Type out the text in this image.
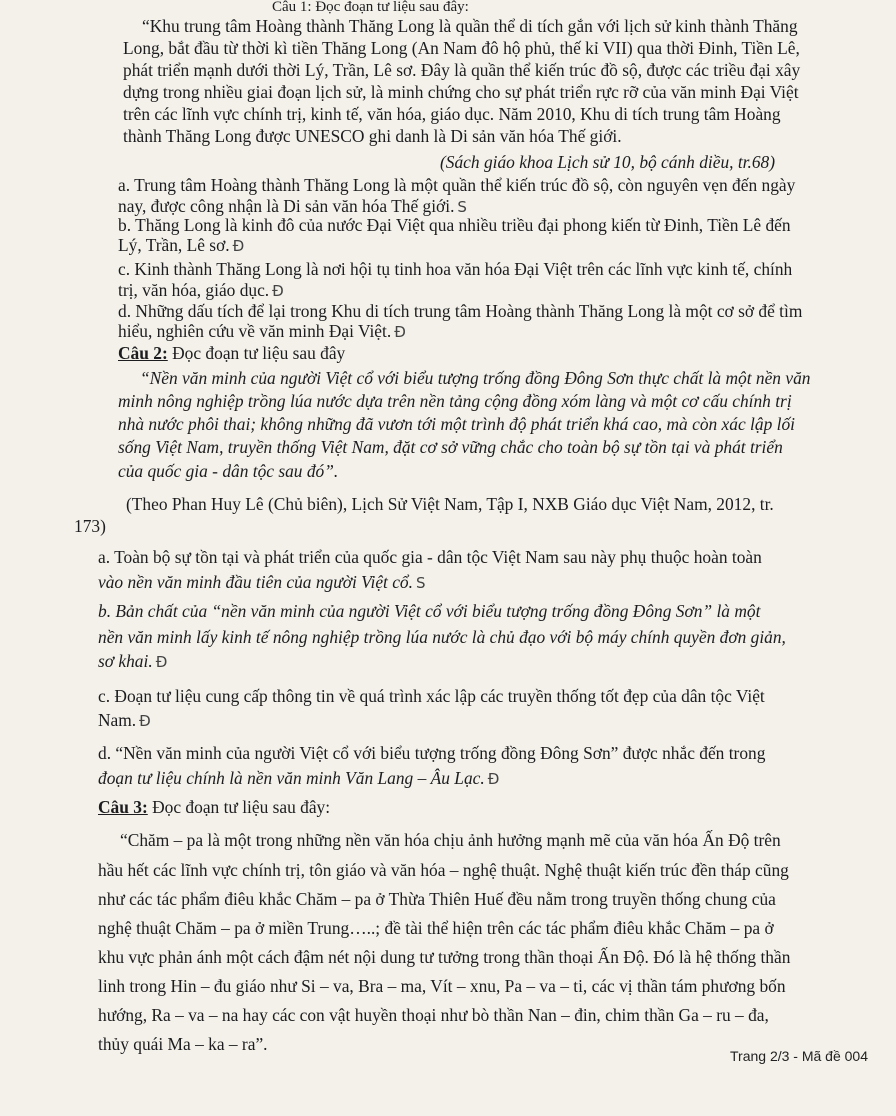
Câu 1: Đọc đoạn tư liệu sau đây:
“Khu trung tâm Hoàng thành Thăng Long là quần thể di tích gắn với lịch sử kinh thành Thăng
Long, bắt đầu từ thời kì tiền Thăng Long (An Nam đô hộ phủ, thế kỉ VII) qua thời Đinh, Tiền Lê,
phát triển mạnh dưới thời Lý, Trần, Lê sơ. Đây là quần thể kiến trúc đồ sộ, được các triều đại xây
dựng trong nhiều giai đoạn lịch sử, là minh chứng cho sự phát triển rực rỡ của văn minh Đại Việt
trên các lĩnh vực chính trị, kinh tế, văn hóa, giáo dục. Năm 2010, Khu di tích trung tâm Hoàng
thành Thăng Long được UNESCO ghi danh là Di sản văn hóa Thế giới.
(Sách giáo khoa Lịch sử 10, bộ cánh diều, tr.68)
a. Trung tâm Hoàng thành Thăng Long là một quần thể kiến trúc đồ sộ, còn nguyên vẹn đến ngày
nay, được công nhận là Di sản văn hóa Thế giới. S
b. Thăng Long là kinh đô của nước Đại Việt qua nhiều triều đại phong kiến từ Đinh, Tiền Lê đến
Lý, Trần, Lê sơ. Đ
c. Kinh thành Thăng Long là nơi hội tụ tinh hoa văn hóa Đại Việt trên các lĩnh vực kinh tế, chính
trị, văn hóa, giáo dục. Ð
d. Những dấu tích để lại trong Khu di tích trung tâm Hoàng thành Thăng Long là một cơ sở để tìm
hiểu, nghiên cứu về văn minh Đại Việt. Đ
Câu 2: Đọc đoạn tư liệu sau đây
“Nền văn minh của người Việt cổ với biểu tượng trống đồng Đông Sơn thực chất là một nền văn
minh nông nghiệp trồng lúa nước dựa trên nền tảng cộng đồng xóm làng và một cơ cấu chính trị
nhà nước phôi thai; không những đã vươn tới một trình độ phát triển khá cao, mà còn xác lập lối
sống Việt Nam, truyền thống Việt Nam, đặt cơ sở vững chắc cho toàn bộ sự tồn tại và phát triển
của quốc gia - dân tộc sau đó”.
(Theo Phan Huy Lê (Chủ biên), Lịch Sử Việt Nam, Tập I, NXB Giáo dục Việt Nam, 2012, tr.
173)
a. Toàn bộ sự tồn tại và phát triển của quốc gia - dân tộc Việt Nam sau này phụ thuộc hoàn toàn
vào nền văn minh đầu tiên của người Việt cổ. S
b. Bản chất của “nền văn minh của người Việt cổ với biểu tượng trống đồng Đông Sơn” là một
nền văn minh lấy kinh tế nông nghiệp trồng lúa nước là chủ đạo với bộ máy chính quyền đơn giản,
sơ khai. Ð
c. Đoạn tư liệu cung cấp thông tin về quá trình xác lập các truyền thống tốt đẹp của dân tộc Việt
Nam. Ð
d. “Nền văn minh của người Việt cổ với biểu tượng trống đồng Đông Sơn” được nhắc đến trong
đoạn tư liệu chính là nền văn minh Văn Lang – Âu Lạc. Ð
Câu 3: Đọc đoạn tư liệu sau đây:
“Chăm – pa là một trong những nền văn hóa chịu ảnh hưởng mạnh mẽ của văn hóa Ấn Độ trên
hầu hết các lĩnh vực chính trị, tôn giáo và văn hóa – nghệ thuật. Nghệ thuật kiến trúc đền tháp cũng
như các tác phẩm điêu khắc Chăm – pa ở Thừa Thiên Huế đều nằm trong truyền thống chung của
nghệ thuật Chăm – pa ở miền Trung…..; đề tài thể hiện trên các tác phẩm điêu khắc Chăm – pa ở
khu vực phản ánh một cách đậm nét nội dung tư tưởng trong thần thoại Ấn Độ. Đó là hệ thống thần
linh trong Hin – đu giáo như Si – va, Bra – ma, Vít – xnu, Pa – va – ti, các vị thần tám phương bốn
hướng, Ra – va – na hay các con vật huyền thoại như bò thần Nan – đin, chim thần Ga – ru – đa,
thủy quái Ma – ka – ra”.
Trang 2/3 - Mã đề 004
